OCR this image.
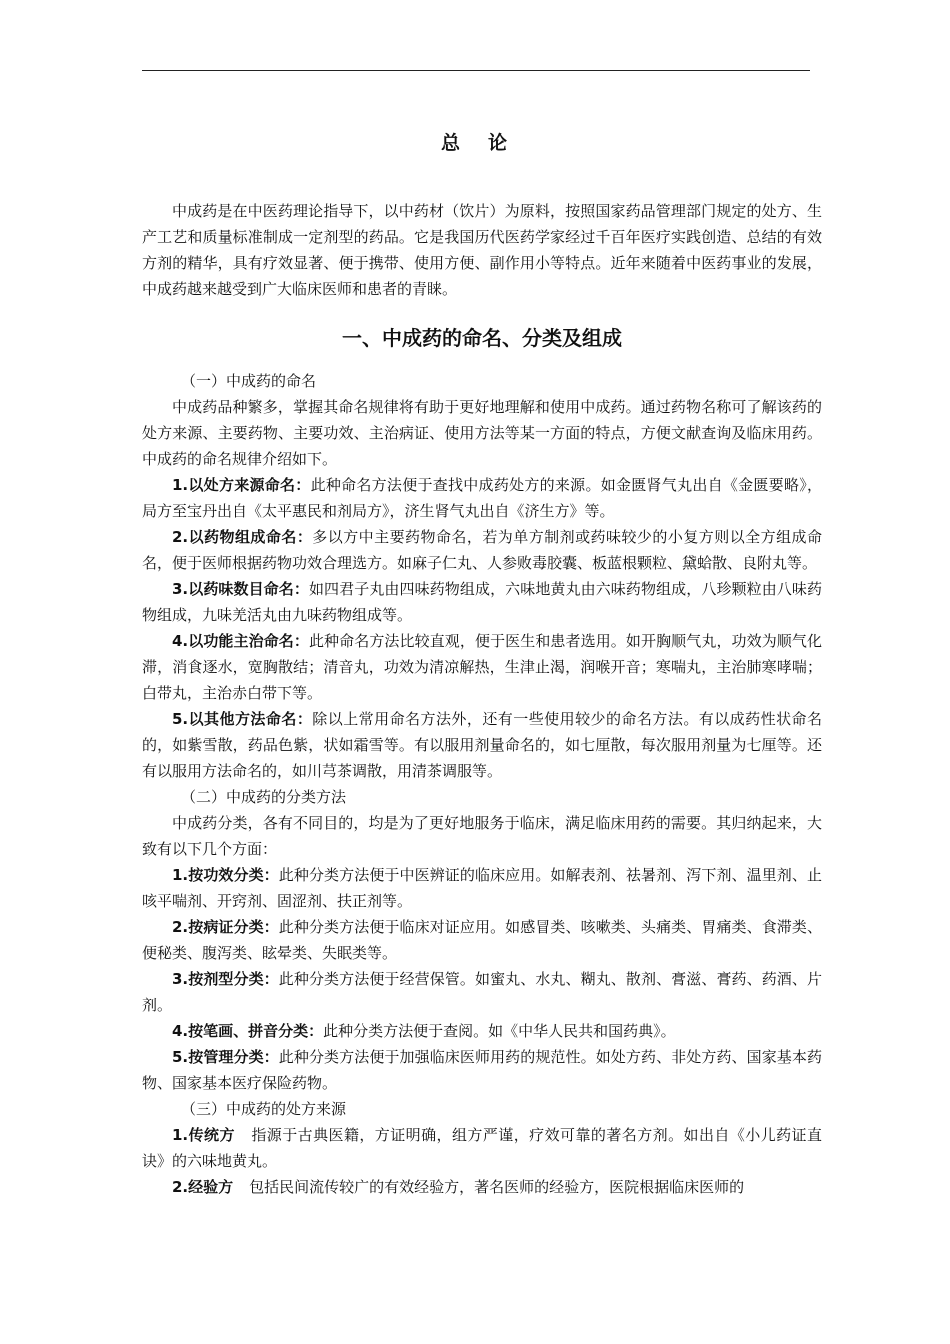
总 论

中成药是在中医药理论指导下，以中药材（饮片）为原料，按照国家药品管理部门规定的处方、生产工艺和质量标准制成一定剂型的药品。它是我国历代医药学家经过千百年医疗实践创造、总结的有效方剂的精华，具有疗效显著、便于携带、使用方便、副作用小等特点。近年来随着中医药事业的发展，中成药越来越受到广大临床医师和患者的青睐。

一、中成药的命名、分类及组成

（一）中成药的命名

中成药品种繁多，掌握其命名规律将有助于更好地理解和使用中成药。通过药物名称可了解该药的处方来源、主要药物、主要功效、主治病证、使用方法等某一方面的特点，方便文献查询及临床用药。中成药的命名规律介绍如下。

1.以处方来源命名：此种命名方法便于查找中成药处方的来源。如金匮肾气丸出自《金匮要略》，局方至宝丹出自《太平惠民和剂局方》，济生肾气丸出自《济生方》等。

2.以药物组成命名：多以方中主要药物命名，若为单方制剂或药味较少的小复方则以全方组成命名，便于医师根据药物功效合理选方。如麻子仁丸、人参败毒胶囊、板蓝根颗粒、黛蛤散、良附丸等。

3.以药味数目命名：如四君子丸由四味药物组成，六味地黄丸由六味药物组成，八珍颗粒由八味药物组成，九味羌活丸由九味药物组成等。

4.以功能主治命名：此种命名方法比较直观，便于医生和患者选用。如开胸顺气丸，功效为顺气化滞，消食逐水，宽胸散结；清音丸，功效为清凉解热，生津止渴，润喉开音；寒喘丸，主治肺寒哮喘；白带丸，主治赤白带下等。

5.以其他方法命名：除以上常用命名方法外，还有一些使用较少的命名方法。有以成药性状命名的，如紫雪散，药品色紫，状如霜雪等。有以服用剂量命名的，如七厘散，每次服用剂量为七厘等。还有以服用方法命名的，如川芎茶调散，用清茶调服等。

（二）中成药的分类方法

中成药分类，各有不同目的，均是为了更好地服务于临床，满足临床用药的需要。其归纳起来，大致有以下几个方面：

1.按功效分类：此种分类方法便于中医辨证的临床应用。如解表剂、祛暑剂、泻下剂、温里剂、止咳平喘剂、开窍剂、固涩剂、扶正剂等。

2.按病证分类：此种分类方法便于临床对证应用。如感冒类、咳嗽类、头痛类、胃痛类、食滞类、便秘类、腹泻类、眩晕类、失眠类等。

3.按剂型分类：此种分类方法便于经营保管。如蜜丸、水丸、糊丸、散剂、膏滋、膏药、药酒、片剂。

4.按笔画、拼音分类：此种分类方法便于查阅。如《中华人民共和国药典》。

5.按管理分类：此种分类方法便于加强临床医师用药的规范性。如处方药、非处方药、国家基本药物、国家基本医疗保险药物。

（三）中成药的处方来源

1.传统方 指源于古典医籍，方证明确，组方严谨，疗效可靠的著名方剂。如出自《小儿药证直诀》的六味地黄丸。

2.经验方 包括民间流传较广的有效经验方，著名医师的经验方，医院根据临床医师的
